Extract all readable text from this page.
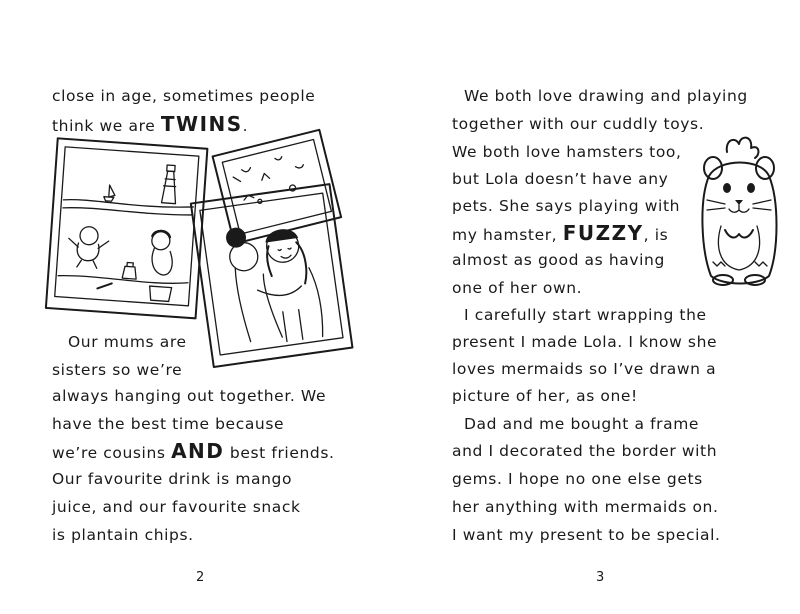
close in age, sometimes people
think we are TWINS.
Our mums are
sisters so we’re
always hanging out together. We
have the best time because
we’re cousins AND best friends.
Our favourite drink is mango
juice, and our favourite snack
is plantain chips.
2
We both love drawing and playing
together with our cuddly toys.
We both love hamsters too,
but Lola doesn’t have any
pets. She says playing with
my hamster, FUZZY, is
almost as good as having
one of her own.
I carefully start wrapping the
present I made Lola. I know she
loves mermaids so I’ve drawn a
picture of her, as one!
Dad and me bought a frame
and I decorated the border with
gems. I hope no one else gets
her anything with mermaids on.
I want my present to be special.
3
